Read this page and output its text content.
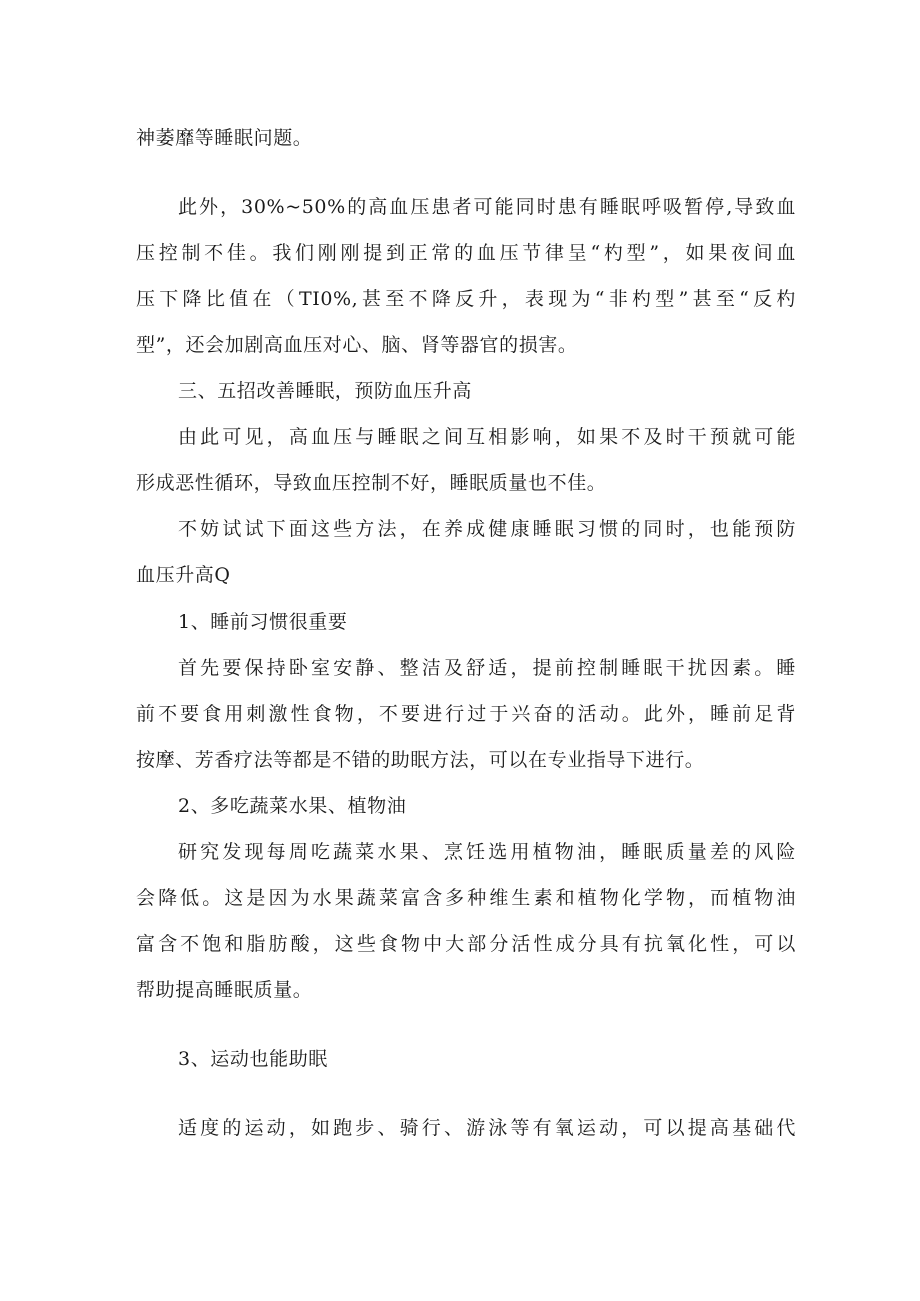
神萎靡等睡眠问题。
此外，30%~50%的高血压患者可能同时患有睡眠呼吸暂停,导致血
压控制不佳。我们刚刚提到正常的血压节律呈“杓型”，如果夜间血
压下降比值在（TI0%,甚至不降反升，表现为“非杓型”甚至“反杓
型”，还会加剧高血压对心、脑、肾等器官的损害。
三、五招改善睡眠，预防血压升高
由此可见，高血压与睡眠之间互相影响，如果不及时干预就可能
形成恶性循环，导致血压控制不好，睡眠质量也不佳。
不妨试试下面这些方法，在养成健康睡眠习惯的同时，也能预防
血压升高Q
1、睡前习惯很重要
首先要保持卧室安静、整洁及舒适，提前控制睡眠干扰因素。睡
前不要食用刺激性食物，不要进行过于兴奋的活动。此外，睡前足背
按摩、芳香疗法等都是不错的助眠方法，可以在专业指导下进行。
2、多吃蔬菜水果、植物油
研究发现每周吃蔬菜水果、烹饪选用植物油，睡眠质量差的风险
会降低。这是因为水果蔬菜富含多种维生素和植物化学物，而植物油
富含不饱和脂肪酸，这些食物中大部分活性成分具有抗氧化性，可以
帮助提高睡眠质量。
3、运动也能助眠
适度的运动，如跑步、骑行、游泳等有氧运动，可以提高基础代
